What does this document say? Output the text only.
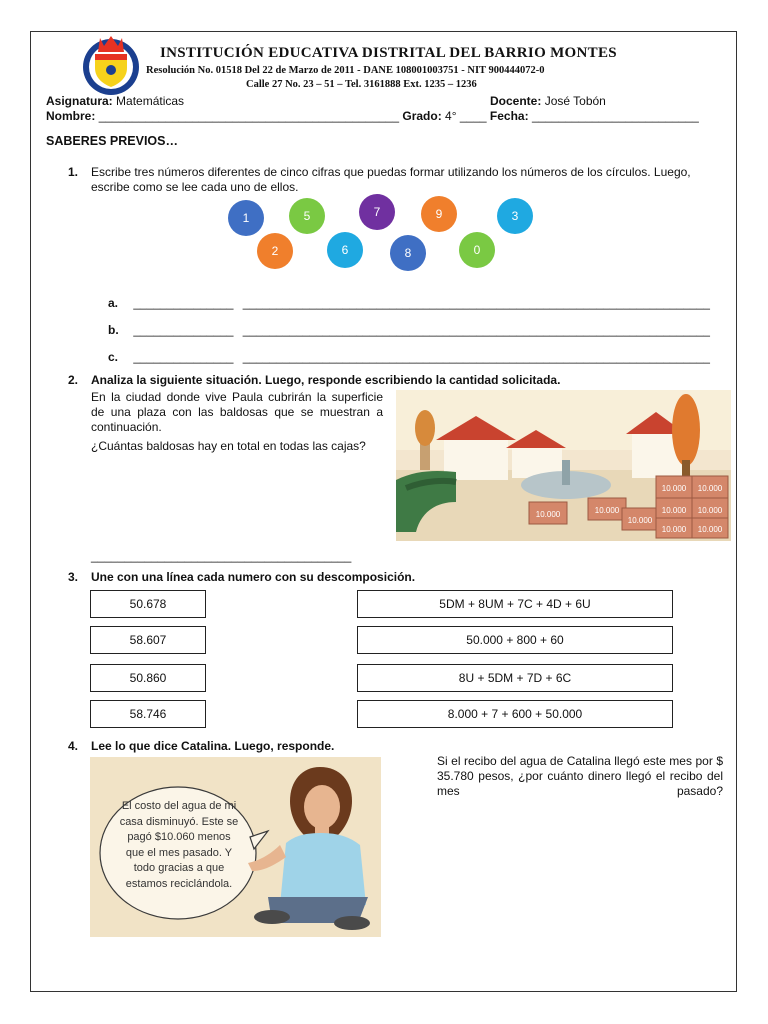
INSTITUCIÓN EDUCATIVA DISTRITAL DEL BARRIO MONTES
Resolución No. 01518 Del 22 de Marzo de 2011 - DANE 108001003751 - NIT 900444072-0
Calle 27 No. 23 – 51 – Tel. 3161888 Ext. 1235 – 1236
Asignatura: Matemáticas	Docente: José Tobón
Nombre: _____________________________________________ Grado: 4° ____ Fecha: _________________________
SABERES PREVIOS…
1. Escribe tres números diferentes de cinco cifras que puedas formar utilizando los números de los círculos. Luego, escribe como se lee cada uno de ellos.
1	5	7	9	3
2	6	8	0
a. _______________ ______________________________________________________________________
b. _______________ ______________________________________________________________________
c. _______________ ______________________________________________________________________
2. Analiza la siguiente situación. Luego, responde escribiendo la cantidad solicitada.
En la ciudad donde vive Paula cubrirán la superficie de una plaza con las baldosas que se muestran a continuación.
¿Cuántas baldosas hay en total en todas las cajas?
10.000	10.000
10.000
10.000 10.000
10.000 10.000
10.000 10.000
_______________________________________
3. Une con una línea cada numero con su descomposición.
50.678
58.607
50.860
58.746
5DM + 8UM + 7C + 4D + 6U
50.000 + 800 + 60
8U + 5DM + 7D + 6C
8.000 + 7 + 600 + 50.000
4. Lee lo que dice Catalina. Luego, responde.
El costo del agua de mi casa disminuyó. Este se pagó $10.060 menos que el mes pasado. Y todo gracias a que estamos reciclándola.
Si el recibo del agua de Catalina llegó este mes por $ 35.780 pesos, ¿por cuánto dinero llegó el recibo del mes pasado?
